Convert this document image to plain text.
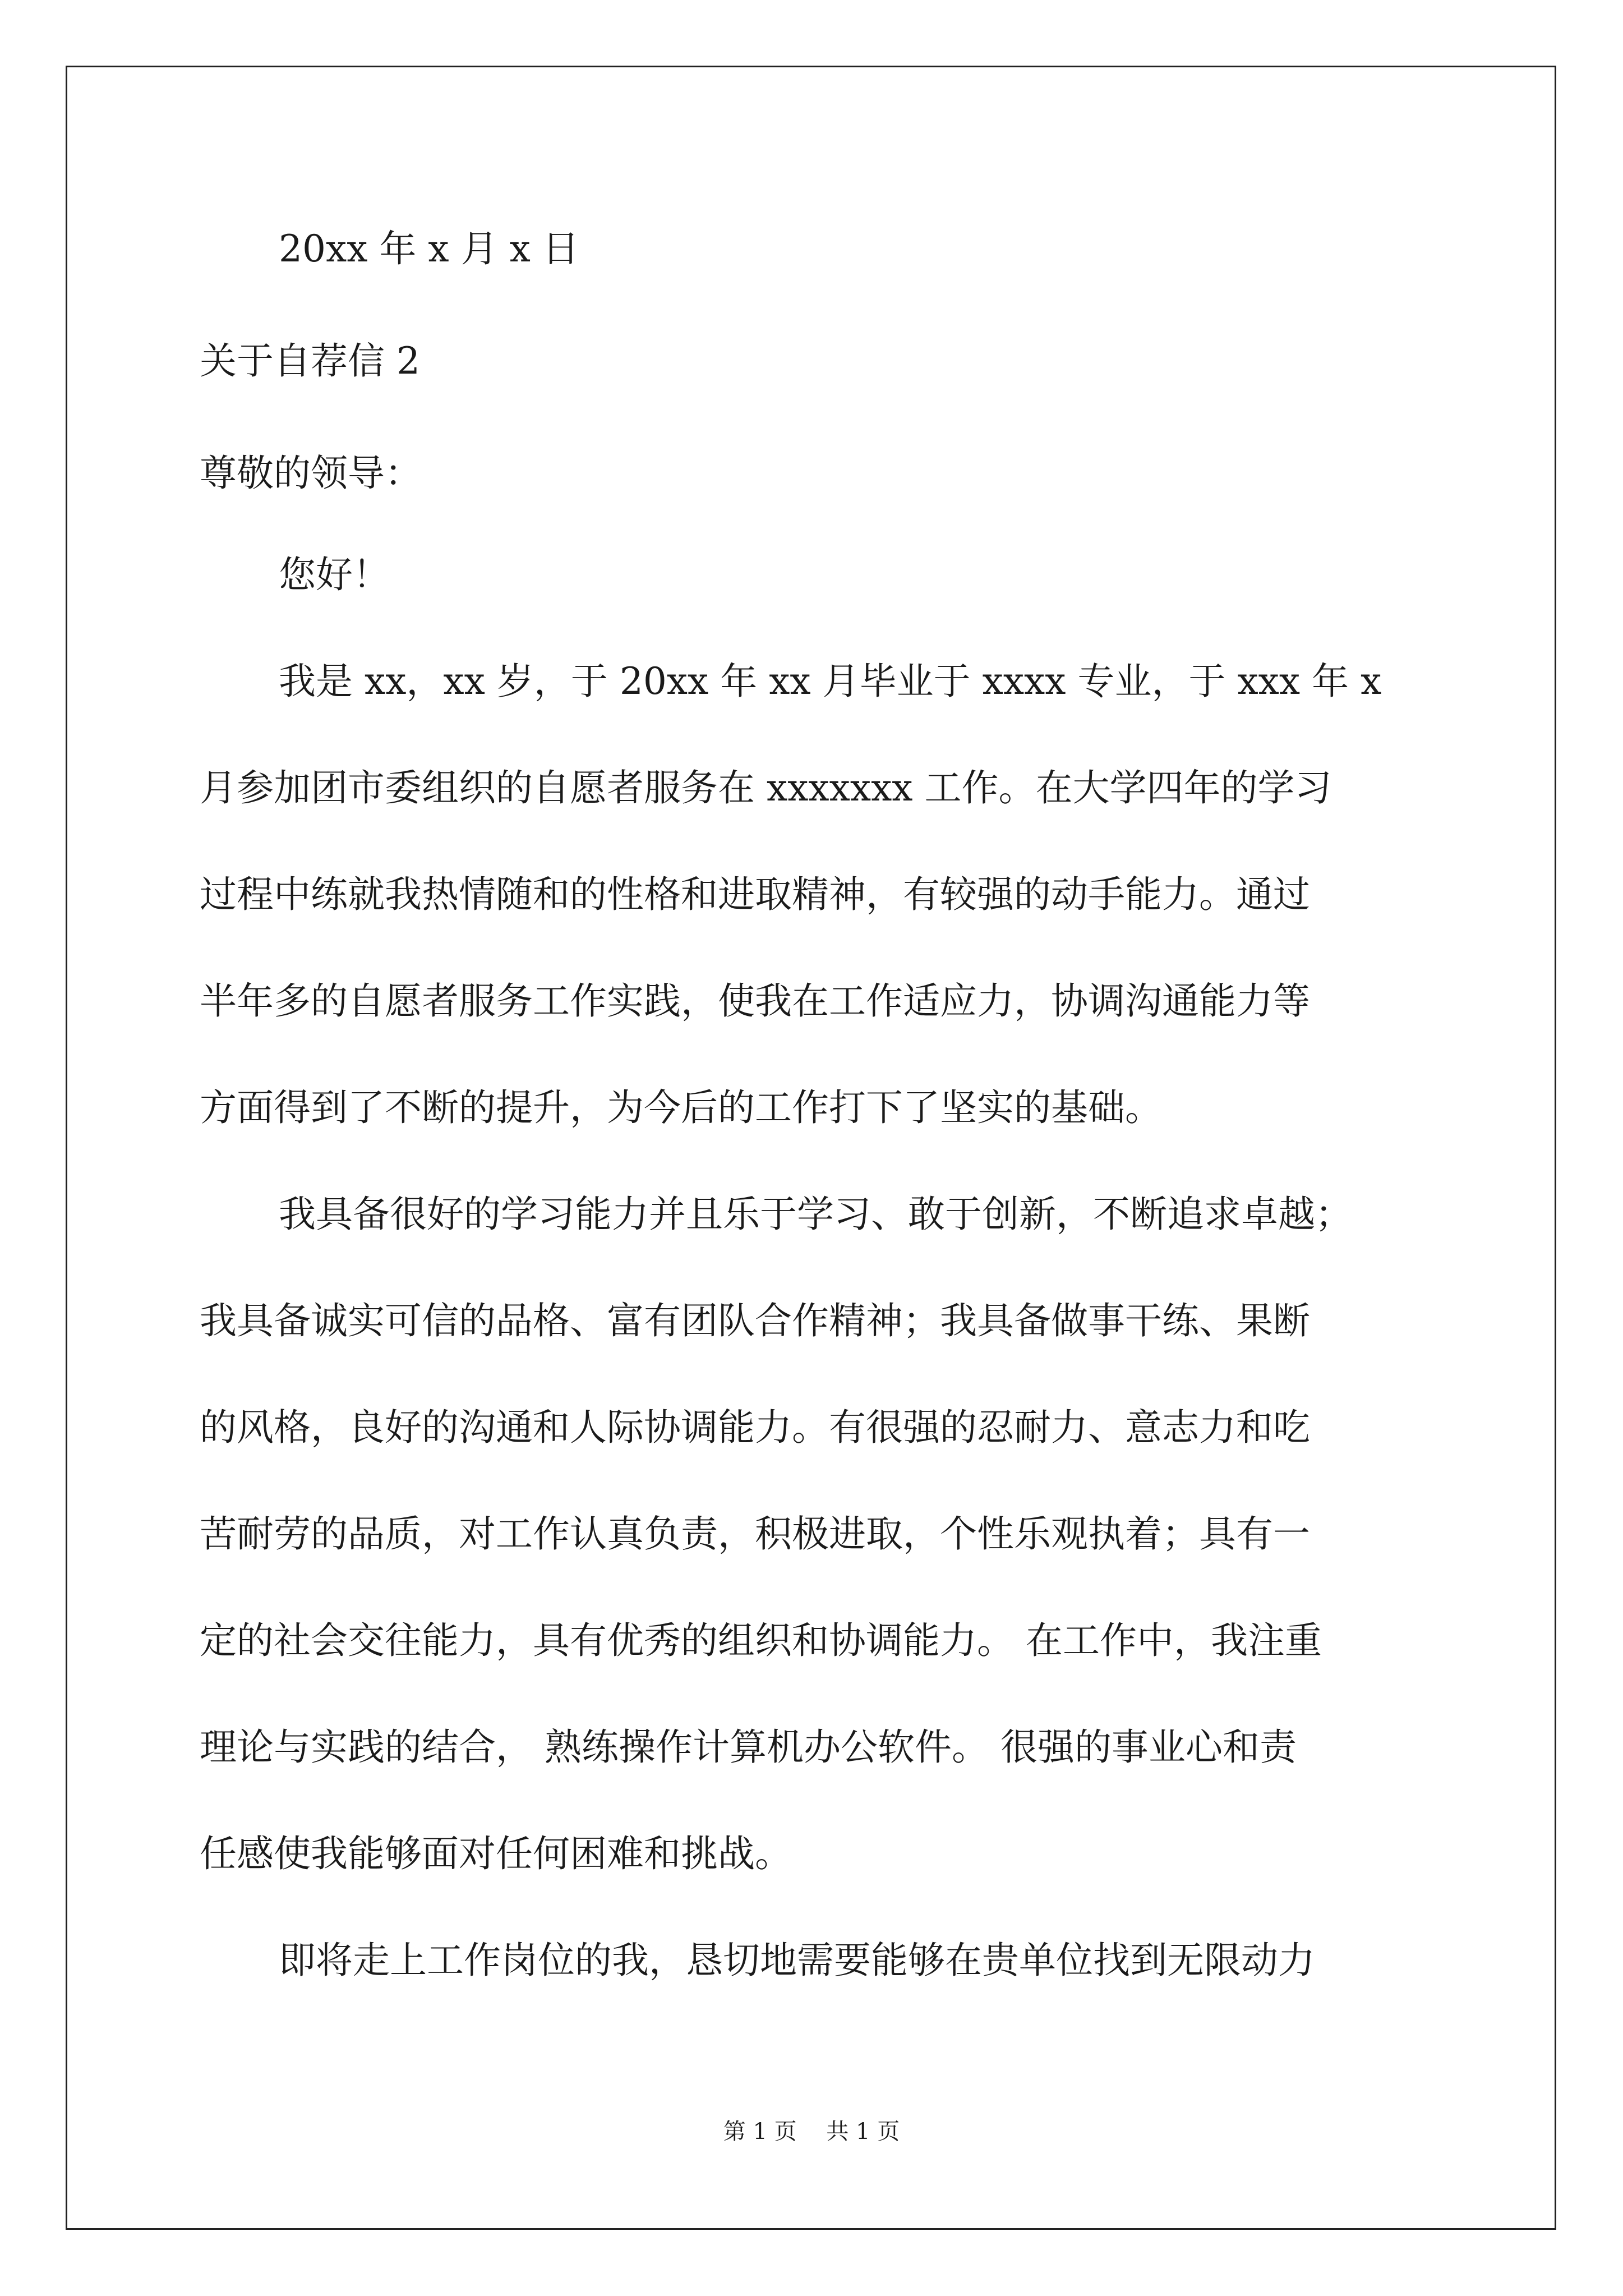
20xx 年 x 月 x 日
关于自荐信 2
尊敬的领导：
您好！
我是 xx，xx 岁，于 20xx 年 xx 月毕业于 xxxx 专业，于 xxx 年 x
月参加团市委组织的自愿者服务在 xxxxxxx 工作。在大学四年的学习
过程中练就我热情随和的性格和进取精神，有较强的动手能力。通过
半年多的自愿者服务工作实践，使我在工作适应力，协调沟通能力等
方面得到了不断的提升，为今后的工作打下了坚实的基础。
我具备很好的学习能力并且乐于学习、敢于创新，不断追求卓越；
我具备诚实可信的品格、富有团队合作精神；我具备做事干练、果断
的风格，良好的沟通和人际协调能力。有很强的忍耐力、意志力和吃
苦耐劳的品质，对工作认真负责，积极进取，个性乐观执着；具有一
定的社会交往能力，具有优秀的组织和协调能力。 在工作中，我注重
理论与实践的结合， 熟练操作计算机办公软件。 很强的事业心和责
任感使我能够面对任何困难和挑战。
即将走上工作岗位的我，恳切地需要能够在贵单位找到无限动力
第 1 页　 共 1 页
